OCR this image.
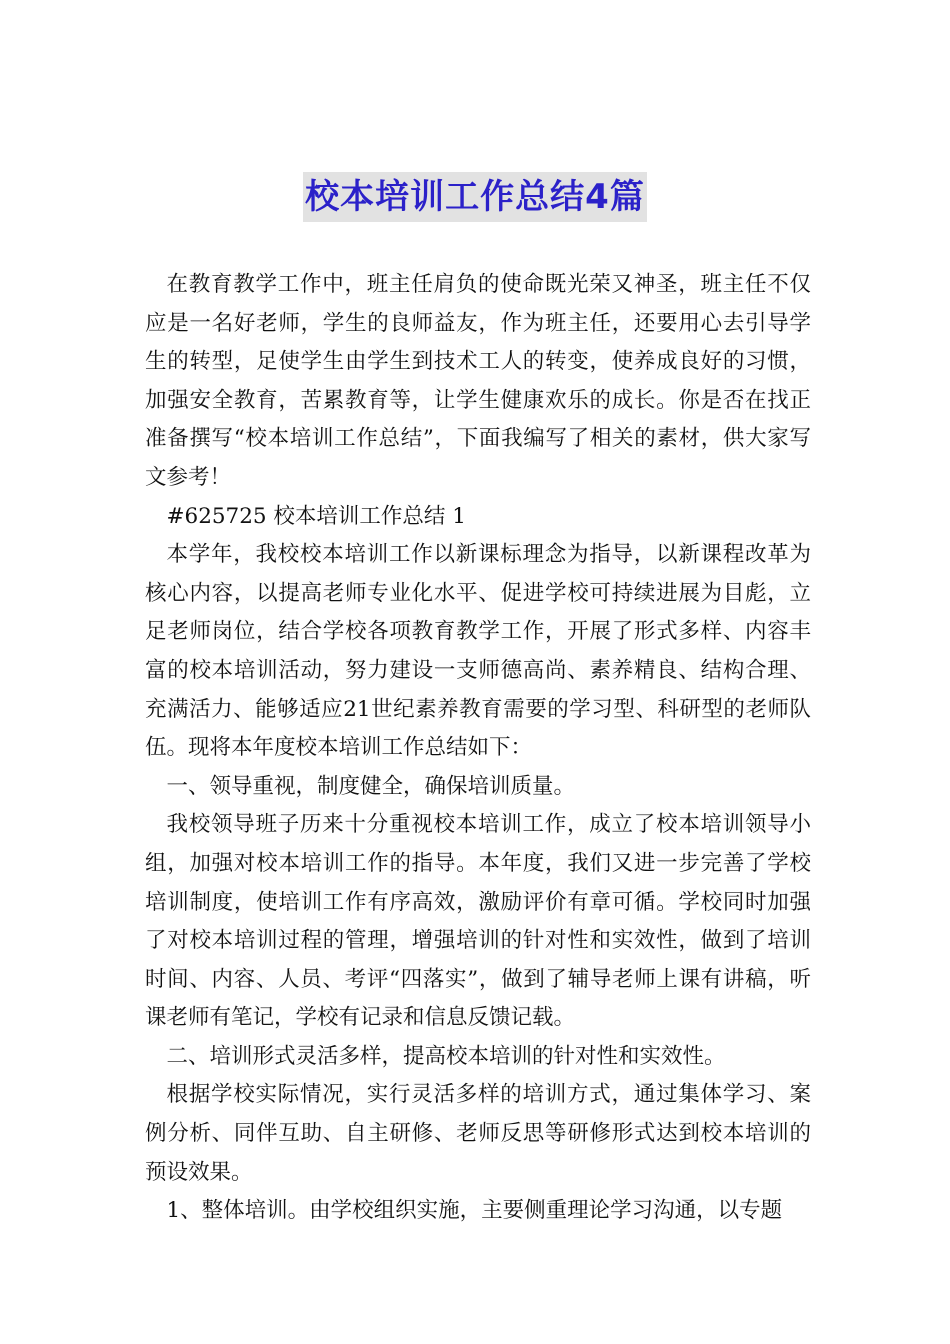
校本培训工作总结4篇

在教育教学工作中，班主任肩负的使命既光荣又神圣，班主任不仅应是一名好老师，学生的良师益友，作为班主任，还要用心去引导学生的转型，足使学生由学生到技术工人的转变，使养成良好的习惯，加强安全教育，苦累教育等，让学生健康欢乐的成长。你是否在找正准备撰写“校本培训工作总结”，下面我编写了相关的素材，供大家写文参考！

#625725 校本培训工作总结 1

本学年，我校校本培训工作以新课标理念为指导，以新课程改革为核心内容，以提高老师专业化水平、促进学校可持续进展为目彪，立足老师岗位，结合学校各项教育教学工作，开展了形式多样、内容丰富的校本培训活动，努力建设一支师德高尚、素养精良、结构合理、充满活力、能够适应21世纪素养教育需要的学习型、科研型的老师队伍。现将本年度校本培训工作总结如下：

一、领导重视，制度健全，确保培训质量。

我校领导班子历来十分重视校本培训工作，成立了校本培训领导小组，加强对校本培训工作的指导。本年度，我们又进一步完善了学校培训制度，使培训工作有序高效，激励评价有章可循。学校同时加强了对校本培训过程的管理，增强培训的针对性和实效性，做到了培训时间、内容、人员、考评“四落实”，做到了辅导老师上课有讲稿，听课老师有笔记，学校有记录和信息反馈记载。

二、培训形式灵活多样，提高校本培训的针对性和实效性。

根据学校实际情况，实行灵活多样的培训方式，通过集体学习、案例分析、同伴互助、自主研修、老师反思等研修形式达到校本培训的预设效果。

1、整体培训。由学校组织实施，主要侧重理论学习沟通，以专题
